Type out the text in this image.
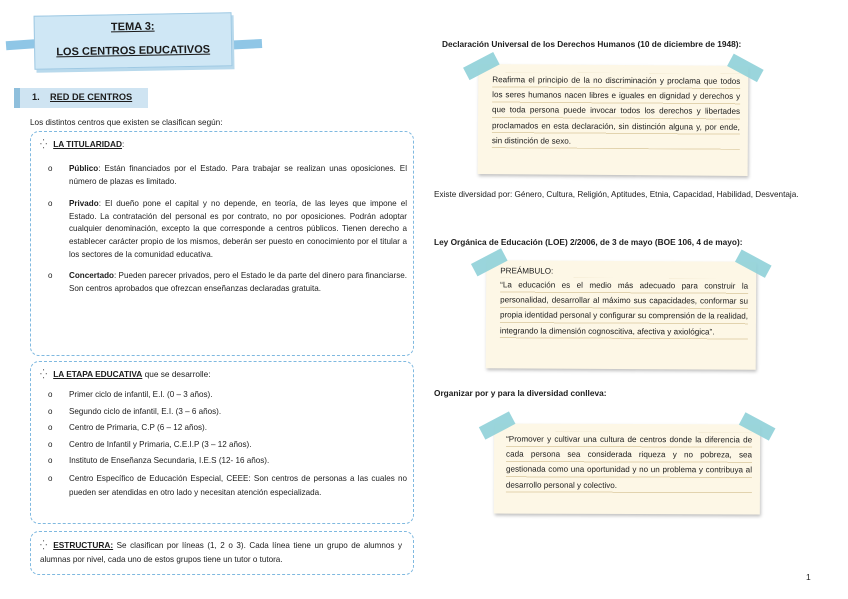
TEMA 3:
LOS CENTROS EDUCATIVOS
1. RED DE CENTROS
Los distintos centros que existen se clasifican según:
⁛ LA TITULARIDAD:
o Público: Están financiados por el Estado. Para trabajar se realizan unas oposiciones. El número de plazas es limitado.
o Privado: El dueño pone el capital y no depende, en teoría, de las leyes que impone el Estado. La contratación del personal es por contrato, no por oposiciones. Podrán adoptar cualquier denominación, excepto la que corresponde a centros públicos. Tienen derecho a establecer carácter propio de los mismos, deberán ser puesto en conocimiento por el titular a los sectores de la comunidad educativa.
o Concertado: Pueden parecer privados, pero el Estado le da parte del dinero para financiarse. Son centros aprobados que ofrezcan enseñanzas declaradas gratuita.
⁛ LA ETAPA EDUCATIVA que se desarrolle:
o Primer ciclo de infantil, E.I. (0 – 3 años).
o Segundo ciclo de infantil, E.I. (3 – 6 años).
o Centro de Primaria, C.P (6 – 12 años).
o Centro de Infantil y Primaria, C.E.I.P (3 – 12 años).
o Instituto de Enseñanza Secundaria, I.E.S (12- 16 años).
o Centro Específico de Educación Especial, CEEE: Son centros de personas a las cuales no pueden ser atendidas en otro lado y necesitan atención especializada.
⁛ ESTRUCTURA: Se clasifican por líneas (1, 2 o 3). Cada línea tiene un grupo de alumnos y alumnas por nivel, cada uno de estos grupos tiene un tutor o tutora.
Declaración Universal de los Derechos Humanos (10 de diciembre de 1948):
Reafirma el principio de la no discriminación y proclama que todos los seres humanos nacen libres e iguales en dignidad y derechos y que toda persona puede invocar todos los derechos y libertades proclamados en esta declaración, sin distinción alguna y, por ende, sin distinción de sexo.
Existe diversidad por: Género, Cultura, Religión, Aptitudes, Etnia, Capacidad, Habilidad, Desventaja.
Ley Orgánica de Educación (LOE) 2/2006, de 3 de mayo (BOE 106, 4 de mayo):
PREÁMBULO:
“La educación es el medio más adecuado para construir la personalidad, desarrollar al máximo sus capacidades, conformar su propia identidad personal y configurar su comprensión de la realidad, integrando la dimensión cognoscitiva, afectiva y axiológica”.
Organizar por y para la diversidad conlleva:
“Promover y cultivar una cultura de centros donde la diferencia de cada persona sea considerada riqueza y no pobreza, sea gestionada como una oportunidad y no un problema y contribuya al desarrollo personal y colectivo.
1
